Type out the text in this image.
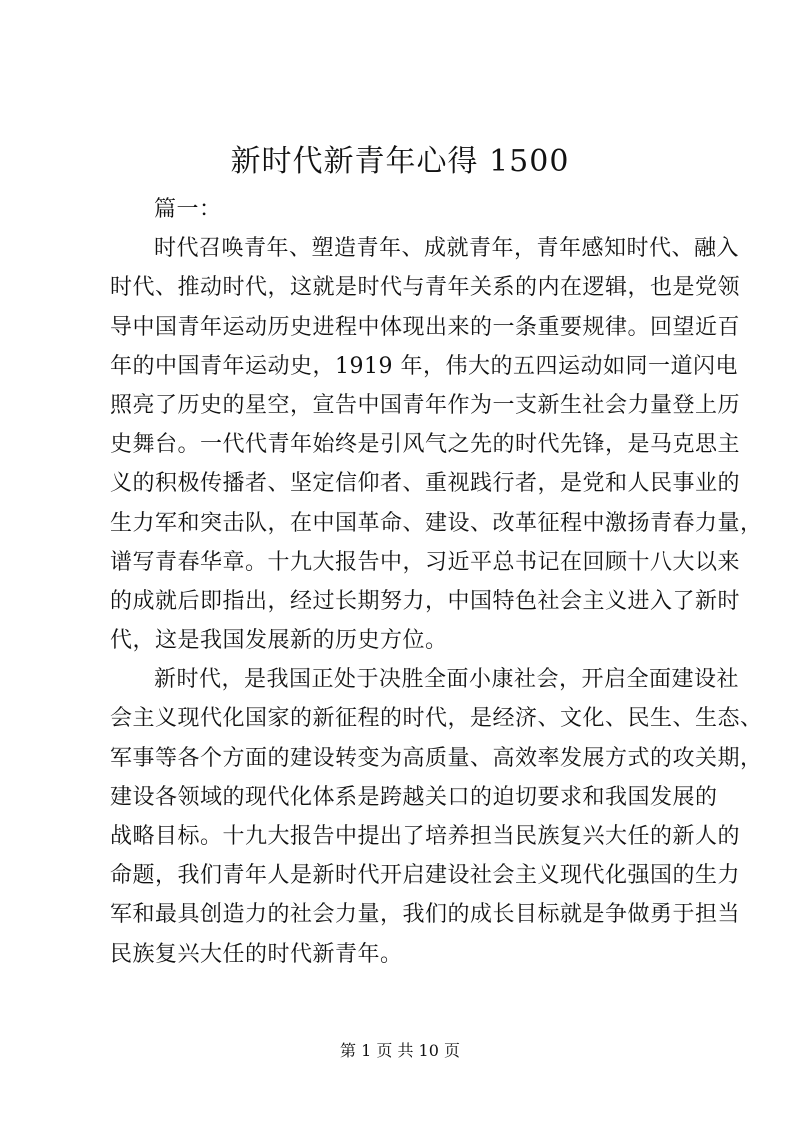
新时代新青年心得 1500
篇一：
时代召唤青年、塑造青年、成就青年，青年感知时代、融入
时代、推动时代，这就是时代与青年关系的内在逻辑，也是党领
导中国青年运动历史进程中体现出来的一条重要规律。回望近百
年的中国青年运动史，1919 年，伟大的五四运动如同一道闪电
照亮了历史的星空，宣告中国青年作为一支新生社会力量登上历
史舞台。一代代青年始终是引风气之先的时代先锋，是马克思主
义的积极传播者、坚定信仰者、重视践行者，是党和人民事业的
生力军和突击队，在中国革命、建设、改革征程中激扬青春力量，
谱写青春华章。十九大报告中，习近平总书记在回顾十八大以来
的成就后即指出，经过长期努力，中国特色社会主义进入了新时
代，这是我国发展新的历史方位。
新时代，是我国正处于决胜全面小康社会，开启全面建设社
会主义现代化国家的新征程的时代，是经济、文化、民生、生态、
军事等各个方面的建设转变为高质量、高效率发展方式的攻关期，
建设各领域的现代化体系是跨越关口的迫切要求和我国发展的
战略目标。十九大报告中提出了培养担当民族复兴大任的新人的
命题，我们青年人是新时代开启建设社会主义现代化强国的生力
军和最具创造力的社会力量，我们的成长目标就是争做勇于担当
民族复兴大任的时代新青年。
第 1 页 共 10 页
